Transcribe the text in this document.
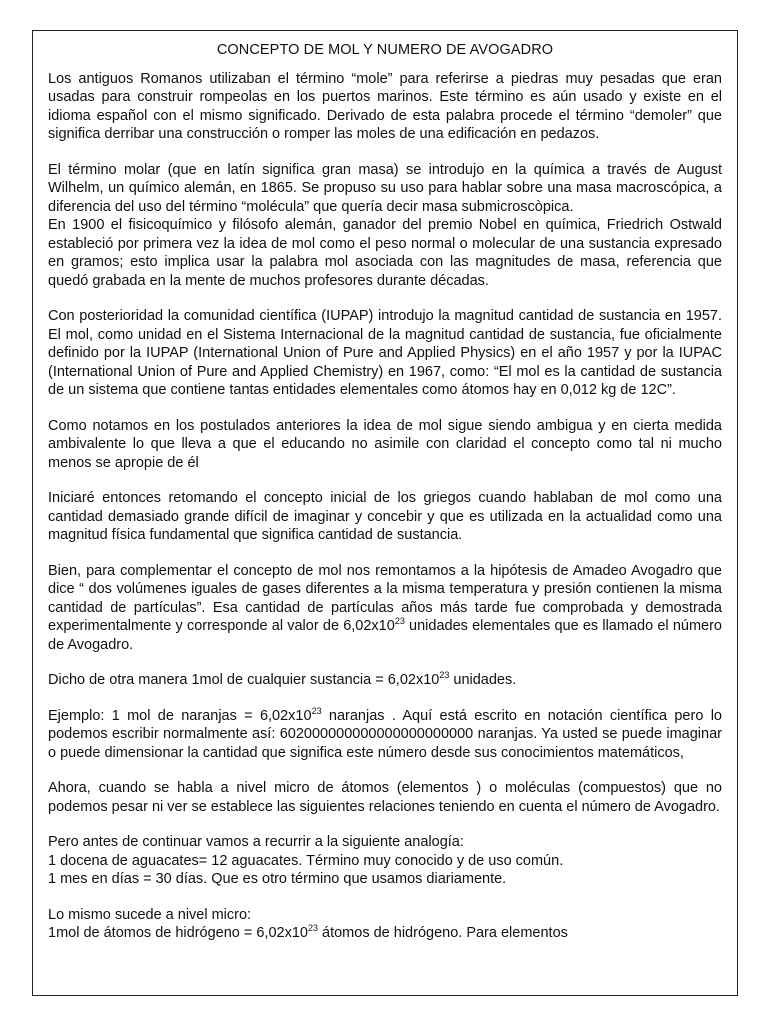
CONCEPTO DE MOL Y NUMERO DE AVOGADRO

Los antiguos Romanos utilizaban el término “mole” para referirse a piedras muy pesadas que eran usadas para construir rompeolas en los puertos marinos. Este término es aún usado y existe en el idioma español con el mismo significado. Derivado de esta palabra procede el término “demoler” que significa derribar una construcción o romper las moles de una edificación en pedazos.

El término molar (que en latín significa gran masa) se introdujo en la química a través de August Wilhelm, un químico alemán, en 1865. Se propuso su uso para hablar sobre una masa macroscópica, a diferencia del uso del término “molécula” que quería decir masa submicroscòpica.

En 1900 el fisicoquímico y filósofo alemán, ganador del premio Nobel en química, Friedrich Ostwald estableció por primera vez la idea de mol como el peso normal o molecular de una sustancia expresado en gramos; esto implica usar la palabra mol asociada con las magnitudes de masa, referencia que quedó grabada en la mente de muchos profesores durante décadas.

Con posterioridad la comunidad científica (IUPAP) introdujo la magnitud cantidad de sustancia en 1957. El mol, como unidad en el Sistema Internacional de la magnitud cantidad de sustancia, fue oficialmente definido por la IUPAP (International Union of Pure and Applied Physics) en el año 1957 y por la IUPAC (International Union of Pure and Applied Chemistry) en 1967, como: “El mol es la cantidad de sustancia de un sistema que contiene tantas entidades elementales como átomos hay en 0,012 kg de 12C”.

Como notamos en los postulados anteriores la idea de mol sigue siendo ambigua y en cierta medida ambivalente lo que lleva a que el educando no asimile con claridad el concepto como tal ni mucho menos se apropie de él

Iniciaré entonces retomando el concepto inicial de los griegos cuando hablaban de mol como una cantidad demasiado grande difícil de imaginar y concebir y que es utilizada en la actualidad como una magnitud física fundamental que significa cantidad de sustancia.

Bien, para complementar el concepto de mol nos remontamos a la hipótesis de Amadeo Avogadro que dice “ dos volúmenes iguales de gases diferentes a la misma temperatura y presión contienen la misma cantidad de partículas”. Esa cantidad de partículas años más tarde fue comprobada y demostrada experimentalmente y corresponde al valor de $6,02x10^{23}$ unidades elementales que es llamado el número de Avogadro.

Dicho de otra manera 1mol de cualquier sustancia = $6,02x10^{23}$ unidades.

Ejemplo: 1 mol de naranjas = $6,02x10^{23}$ naranjas . Aquí está escrito en notación científica pero lo podemos escribir normalmente así: 602000000000000000000000 naranjas. Ya usted se puede imaginar o puede dimensionar la cantidad que significa este número desde sus conocimientos matemáticos,

Ahora, cuando se habla a nivel micro de átomos (elementos ) o moléculas (compuestos) que no podemos pesar ni ver se establece las siguientes relaciones teniendo en cuenta el número de Avogadro.

Pero antes de continuar vamos a recurrir a la siguiente analogía:
1 docena de aguacates= 12 aguacates. Término muy conocido y de uso común.
1 mes en días = 30 días. Que es otro término que usamos diariamente.

Lo mismo sucede a nivel micro:
1mol de átomos de hidrógeno = $6,02x10^{23}$ átomos de hidrógeno. Para elementos
